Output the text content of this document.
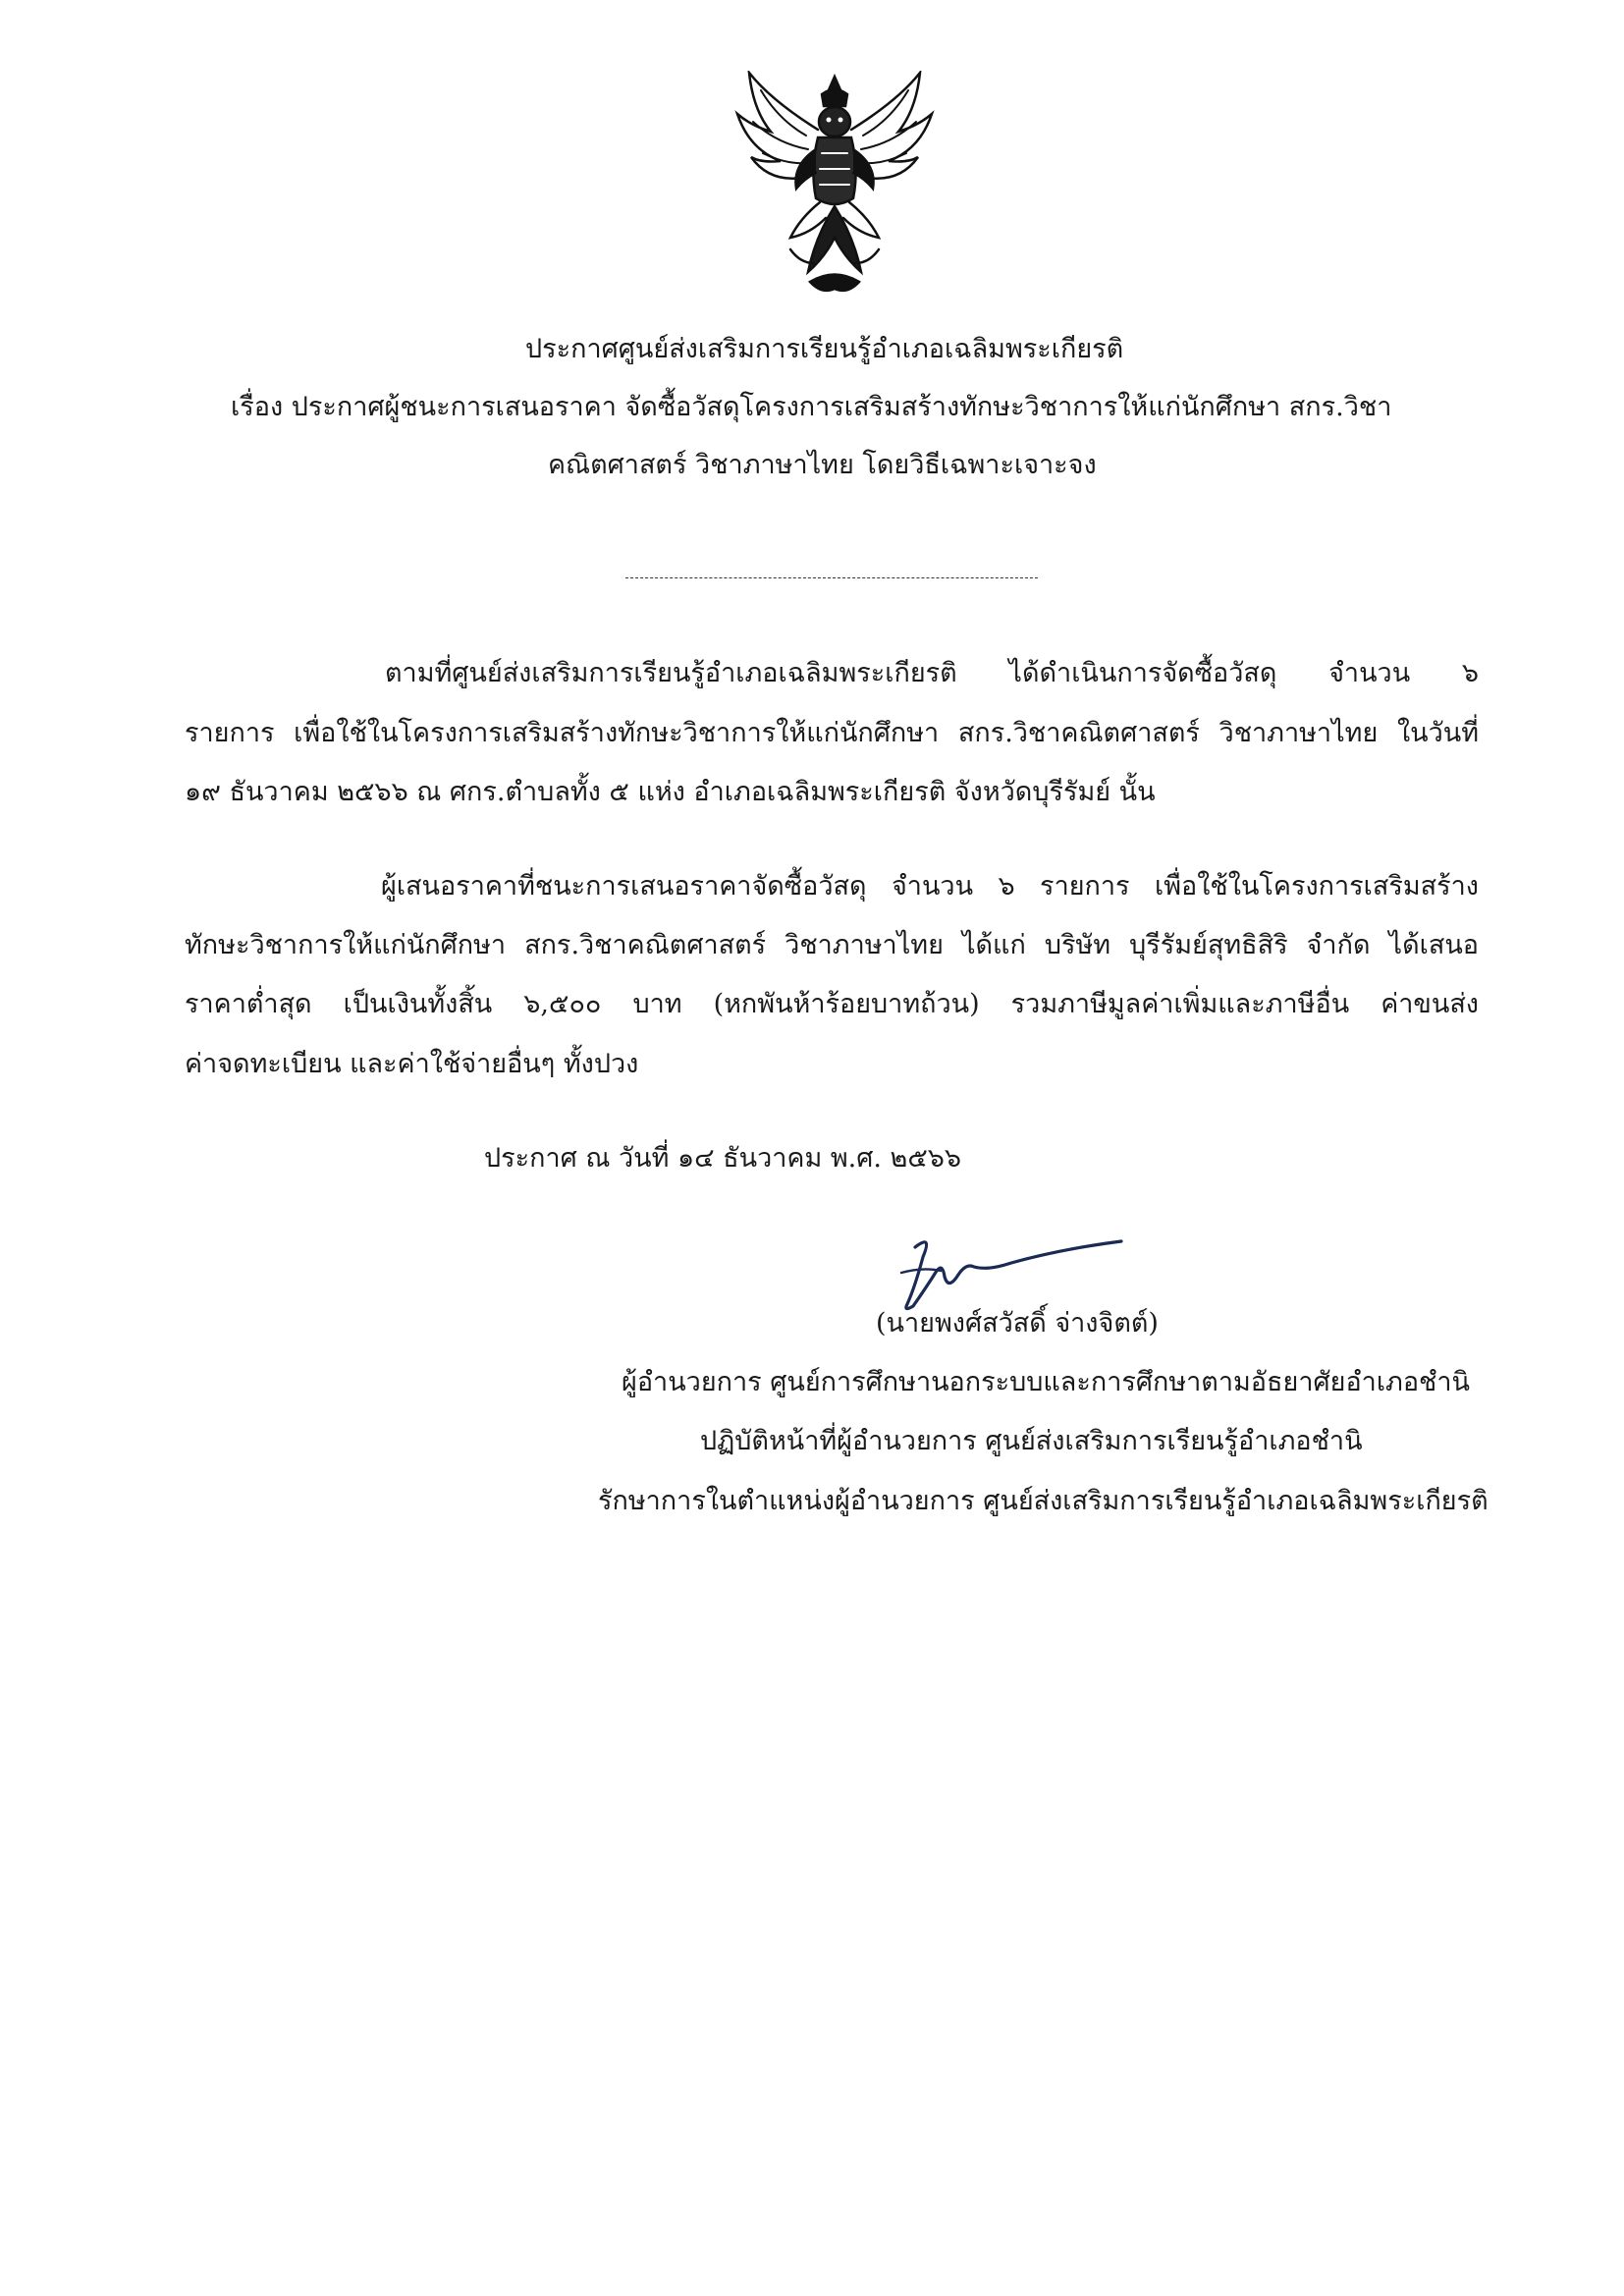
ประกาศศูนย์ส่งเสริมการเรียนรู้อำเภอเฉลิมพระเกียรติ
เรื่อง ประกาศผู้ชนะการเสนอราคา จัดซื้อวัสดุโครงการเสริมสร้างทักษะวิชาการให้แก่นักศึกษา สกร.วิชา
คณิตศาสตร์ วิชาภาษาไทย โดยวิธีเฉพาะเจาะจง
ตามที่ศูนย์ส่งเสริมการเรียนรู้อำเภอเฉลิมพระเกียรติ ได้ดำเนินการจัดซื้อวัสดุ จำนวน ๖
รายการ เพื่อใช้ในโครงการเสริมสร้างทักษะวิชาการให้แก่นักศึกษา สกร.วิชาคณิตศาสตร์ วิชาภาษาไทย ในวันที่
๑๙ ธันวาคม ๒๕๖๖ ณ ศกร.ตำบลทั้ง ๕ แห่ง อำเภอเฉลิมพระเกียรติ จังหวัดบุรีรัมย์ นั้น
ผู้เสนอราคาที่ชนะการเสนอราคาจัดซื้อวัสดุ จำนวน ๖ รายการ เพื่อใช้ในโครงการเสริมสร้าง
ทักษะวิชาการให้แก่นักศึกษา สกร.วิชาคณิตศาสตร์ วิชาภาษาไทย ได้แก่ บริษัท บุรีรัมย์สุทธิสิริ จำกัด ได้เสนอ
ราคาต่ำสุด เป็นเงินทั้งสิ้น ๖,๕๐๐ บาท (หกพันห้าร้อยบาทถ้วน) รวมภาษีมูลค่าเพิ่มและภาษีอื่น ค่าขนส่ง
ค่าจดทะเบียน และค่าใช้จ่ายอื่นๆ ทั้งปวง
ประกาศ ณ วันที่ ๑๔ ธันวาคม พ.ศ. ๒๕๖๖
(นายพงศ์สวัสดิ์ จ่างจิตต์)
ผู้อำนวยการ ศูนย์การศึกษานอกระบบและการศึกษาตามอัธยาศัยอำเภอชำนิ
ปฏิบัติหน้าที่ผู้อำนวยการ ศูนย์ส่งเสริมการเรียนรู้อำเภอชำนิ
รักษาการในตำแหน่งผู้อำนวยการ ศูนย์ส่งเสริมการเรียนรู้อำเภอเฉลิมพระเกียรติ
